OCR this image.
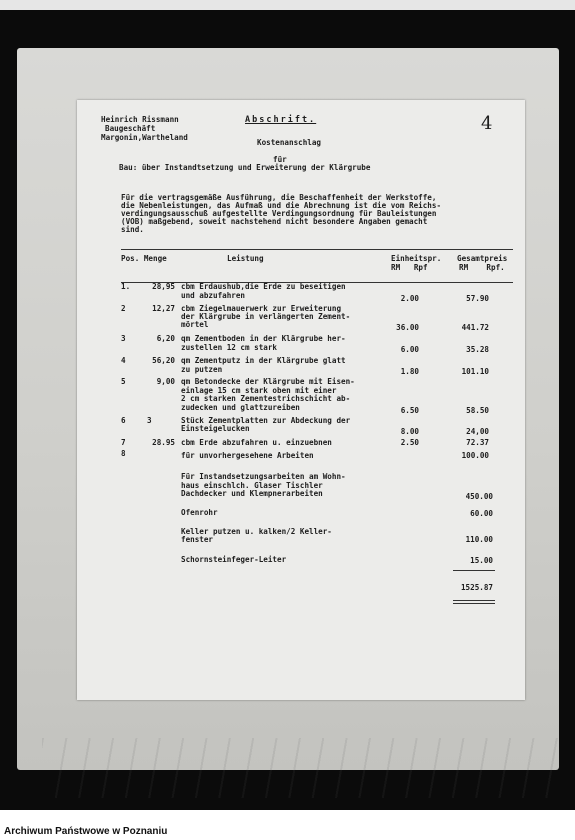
Heinrich Rissmann
Baugeschäft
Margonin,Wartheland
Abschrift.	4
Kostenanschlag
für
Bau: über Instandtsetzung und Erweiterung der Klärgrube
Für die vertragsgemäße Ausführung, die Beschaffenheit der Werkstoffe,
die Nebenleistungen, das Aufmaß und die Abrechnung ist die vom Reichs-
verdingungsausschuß aufgestellte Verdingungsordnung für Bauleistungen
(VOB) maßgebend, soweit nachstehend nicht besondere Angaben gemacht
sind.
Pos. Menge	Leistung	Einheitspr.
RM   Rpf
Gesamtpreis
RM    Rpf.
1.	28,95 cbm Erdaushub,die Erde zu beseitigen
und abzufahren	2.00	57.90
2	12,27 cbm Ziegelmauerwerk zur Erweiterung
der Klärgrube in verlängerten Zement-
mörtel	36.00	441.72
3	6,20 qm Zementboden in der Klärgrube her-
zustellen 12 cm stark	6.00	35.28
4	56,20 qm Zementputz in der Klärgrube glatt
zu putzen	1.80	101.10
5	9,00 qm Betondecke der Klärgrube mit Eisen-
einlage 15 cm stark oben mit einer
2 cm starken Zementestrichschicht ab-
zudecken und glattzureiben	6.50	58.50
6	3	Stück Zementplatten zur Abdeckung der
Einsteigelucken	8.00	24,00
7	28.95 cbm Erde abzufahren u. einzuebnen	2.50	72.37
8	für unvorhergesehene Arbeiten	100.00
Für Instandsetzungsarbeiten am Wohn-
haus einschlch. Glaser Tischler
Dachdecker und Klempnerarbeiten	450.00
Ofenrohr	60.00
Keller putzen u. kalken/2 Keller-
fenster	110.00
Schornsteinfeger-Leiter	15.00
1525.87
Archiwum Państwowe w Poznaniu
